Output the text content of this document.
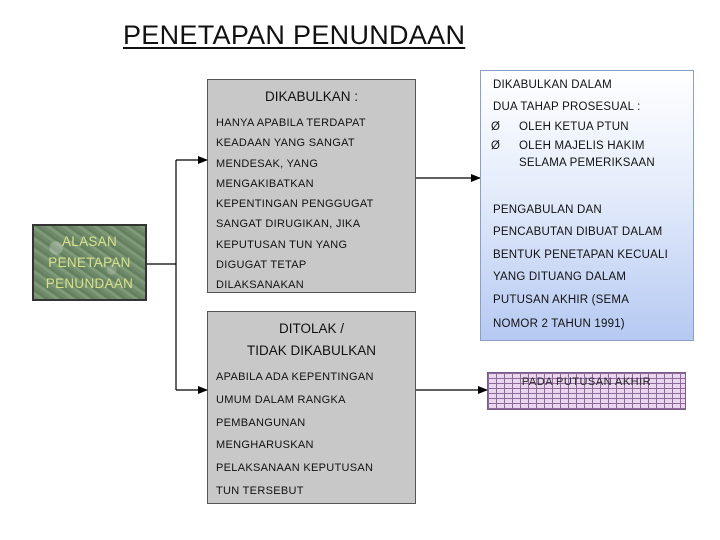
PENETAPAN PENUNDAAN
ALASAN
PENETAPAN
PENUNDAAN
DIKABULKAN :
HANYA APABILA TERDAPAT
KEADAAN YANG SANGAT
MENDESAK, YANG
MENGAKIBATKAN
KEPENTINGAN PENGGUGAT
SANGAT DIRUGIKAN, JIKA
KEPUTUSAN TUN YANG
DIGUGAT TETAP
DILAKSANAKAN
DITOLAK /
TIDAK DIKABULKAN
APABILA ADA KEPENTINGAN
UMUM DALAM RANGKA
PEMBANGUNAN
MENGHARUSKAN
PELAKSANAAN KEPUTUSAN
TUN TERSEBUT
DIKABULKAN DALAM
DUA TAHAP PROSESUAL :
Ø OLEH KETUA PTUN
Ø OLEH MAJELIS HAKIM
SELAMA PEMERIKSAAN
PENGABULAN DAN
PENCABUTAN DIBUAT DALAM
BENTUK PENETAPAN KECUALI
YANG DITUANG DALAM
PUTUSAN AKHIR (SEMA
NOMOR 2 TAHUN 1991)
PADA PUTUSAN AKHIR
